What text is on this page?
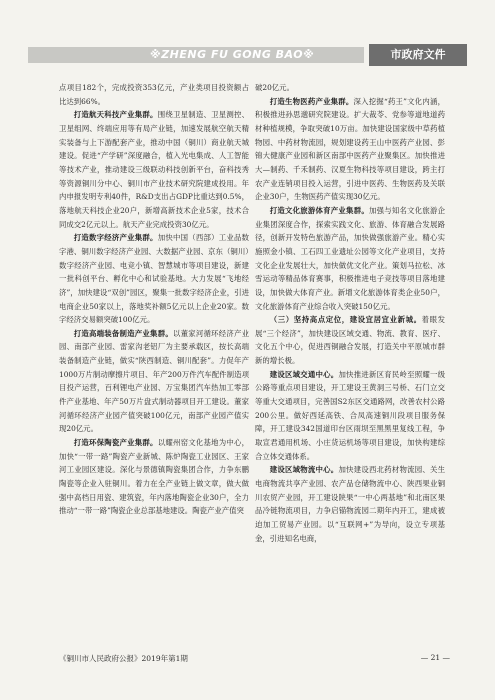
※ZHENG FU GONG BAO※	市政府文件

点项目182个，完成投资353亿元，产业类项目投资额占比达到66%。

打造航天科技产业集群。围绕卫星制造、卫星测控、卫星组网、终端应用等有局产业链，加速发展航空航天精实装备与上下游配套产业，推动中国（铜川）商业航天城建设。促进“产学研”深度融合，植入光电集成、人工智能等技术产业，推动建设三级联动科技创新平台，奋科技秀等资源铜川分中心、铜川市产业技术研究院建成投用。年内申报发明专利40件，R&D支出占GDP比重达到0.5%，落地航天科技企业20户，新增高新技术企业5家，技术合同成交2亿元以上。航天产业完成投资30亿元。

打造数字经济产业集群。加快中国（西部）工业品数字港、铜川数字经济产业园、大数据产业园、京东（铜川）数字经济产业园、电竞小镇、智慧城市等项目建设，新建一批科创平台、孵化中心和试验基地。大力发展“飞地经济”，加快建设“双创”园区，聚集一批数字经济企业，引进电商企业50家以上，落地奖补额5亿元以上企业20家。数字经济交易额突破100亿元。

打造高端装备制造产业集群。以董家河循环经济产业园、南部产业园、雷家沟老铝厂为主要承载区，按长高端装备制造产业链，做实“陕西制造、铜川配套”。力促年产1000万片制动摩擦片项目、年产200万件汽车配件制造项目投产运营，百利锂电产业园、万宝集团汽车热加工零部件产业基地、年产50万片盘式制动器项目开工建设。董家河循环经济产业园产值突破100亿元，南部产业园产值实现20亿元。

打造环保陶瓷产业集群。以耀州窑文化基地为中心，加快“一带一路”陶瓷产业新城、陈炉陶瓷工业园区、王家河工业园区建设。深化与景德镇陶瓷集团合作，力争东鹏陶瓷等企业入驻铜川。着力在全产业链上做文章，做大做强中高档日用瓷、建筑瓷，年内落地陶瓷企业30户，全力推动“一带一路”陶瓷企业总部基地建设。陶瓷产业产值突

破20亿元。

打造生物医药产业集群。深入挖掘“药王”文化内涵，积极推进孙思邈研究院建设。扩大裁苓、党参等道地道药材种植规模，争取突破10万亩。加快建设国家级中草药植物园、中药材物流园，规划建设药王山中医药产业园、彭锦大健康产业园和新区南部中医药产业聚集区。加快推进大—制药、千禾制药、汉夏生物科技等项目建设，跨主打农产业连销项目投入运营，引进中医药、生物医药及关联企业30户，生物医药产值实现30亿元。

打造文化旅游体育产业集群。加强与知名文化旅游企业集团深度合作，探索实践文化、旅游、体育融合发展路径，创新开发特色旅游产品，加快做强旅游产业。精心实施照金小镇、工石四工业遗址公园等文化产业项目，支持文化企业发展壮大，加快做优文化产业。策划马拉松、冰雪运动等精品体育赛事，积极推进电子竞技等项目落地建设，加快做大体育产业。新增文化旅游体育类企业50户，文化旅游体育产业综合收入突破150亿元。

（三）坚持高点定位，建设宜居宜业新城。着眼发展“三个经济”，加快建设区域交通、物流、教育、医疗、文化五个中心，促进西铜融合发展，打造关中平原城市群新的增长极。

建设区域交通中心。加快推进新区育民岭至照耀一级公路等重点项目建设，开工建设王黄洞三号桥、石门立交等重大交通项目，完善国S2东区交通路网，改善农村公路200公里。做好西延高铁、合凤高速铜川段项目服务保障，开工建设342国道印台区雨坝至黑黑里复线工程，争取宣君通用机场、小庄货运机场等项目建设，加快构建综合立体交通体系。

建设区域物流中心。加快建设西北药材物流园、关生电商物流共享产业园、农产品仓储物流中心、陕西果业铜川农贸产业园，开工建设陕果“一中心两基地”和北南区果品冷链物流项目，力争启锚物流园二期年内开工，建成被迫加工贸易产业园。以“互联网+”为导向，设立专项基金，引进知名电商，

《铜川市人民政府公报》2019年第1期	— 21 —
